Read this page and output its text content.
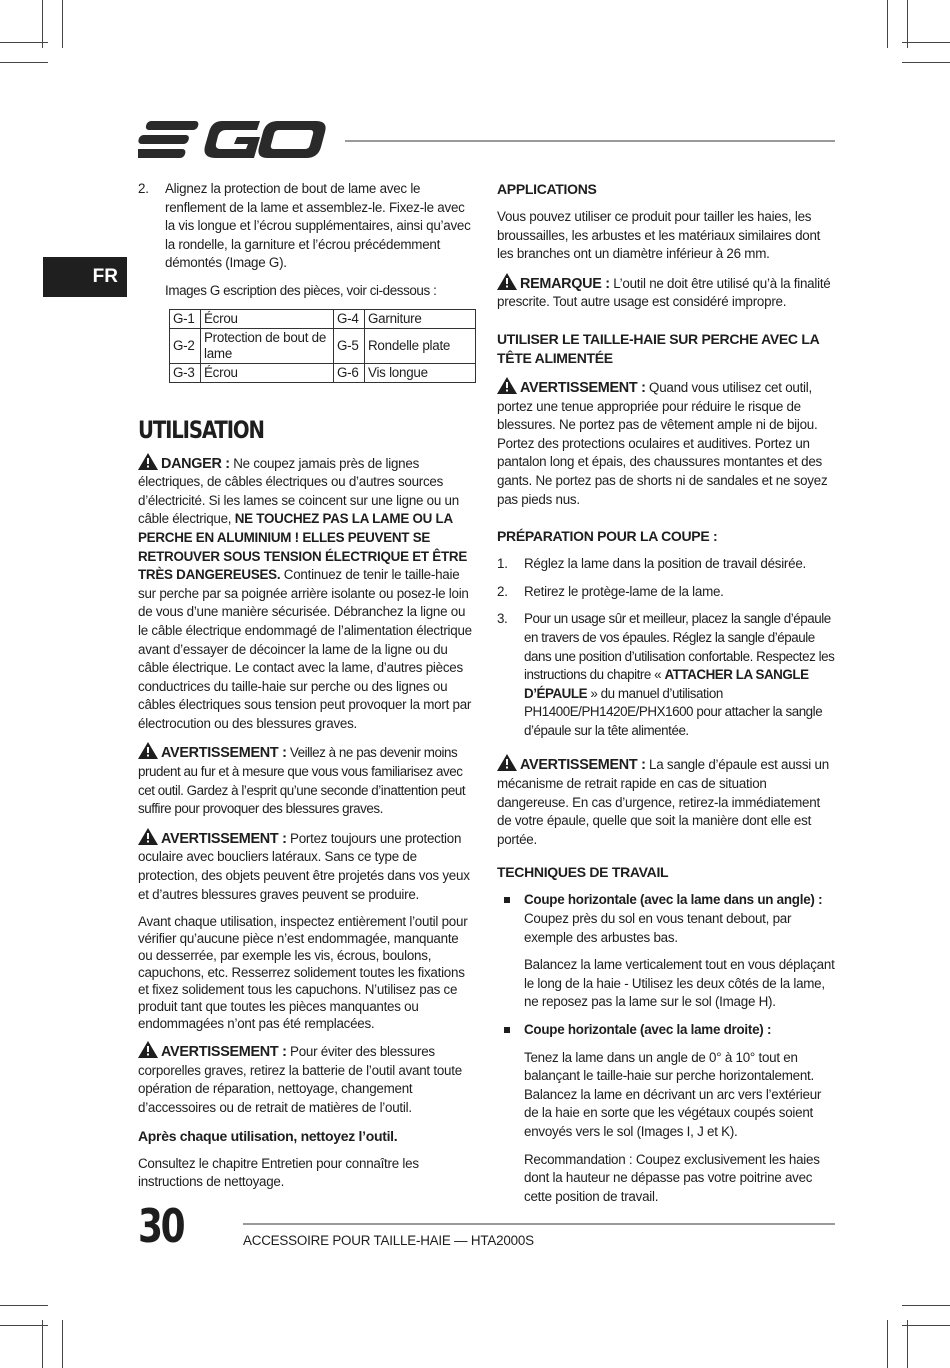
FR
2.	Alignez la protection de bout de lame avec le renflement de la lame et assemblez-le. Fixez-le avec la vis longue et l’écrou supplémentaires, ainsi qu’avec la rondelle, la garniture et l’écrou précédemment démontés (Image G).
Images G escription des pièces, voir ci-dessous :
G-1	Écrou	G-4	Garniture
G-2	Protection de bout de lame	G-5	Rondelle plate
G-3	Écrou	G-6	Vis longue
UTILISATION

DANGER : Ne coupez jamais près de lignes électriques, de câbles électriques ou d’autres sources d’électricité. Si les lames se coincent sur une ligne ou un câble électrique, NE TOUCHEZ PAS LA LAME OU LA PERCHE EN ALUMINIUM ! ELLES PEUVENT SE RETROUVER SOUS TENSION ÉLECTRIQUE ET ÊTRE TRÈS DANGEREUSES. Continuez de tenir le taille-haie sur perche par sa poignée arrière isolante ou posez-le loin de vous d’une manière sécurisée. Débranchez la ligne ou le câble électrique endommagé de l’alimentation électrique avant d’essayer de décoincer la lame de la ligne ou du câble électrique. Le contact avec la lame, d’autres pièces conductrices du taille-haie sur perche ou des lignes ou câbles électriques sous tension peut provoquer la mort par électrocution ou des blessures graves.

AVERTISSEMENT : Veillez à ne pas devenir moins prudent au fur et à mesure que vous vous familiarisez avec cet outil. Gardez à l’esprit qu’une seconde d’inattention peut suffire pour provoquer des blessures graves.

AVERTISSEMENT : Portez toujours une protection oculaire avec boucliers latéraux. Sans ce type de protection, des objets peuvent être projetés dans vos yeux et d’autres blessures graves peuvent se produire.

Avant chaque utilisation, inspectez entièrement l’outil pour vérifier qu’aucune pièce n’est endommagée, manquante ou desserrée, par exemple les vis, écrous, boulons, capuchons, etc. Resserrez solidement toutes les fixations et fixez solidement tous les capuchons. N’utilisez pas ce produit tant que toutes les pièces manquantes ou endommagées n’ont pas été remplacées.

AVERTISSEMENT : Pour éviter des blessures corporelles graves, retirez la batterie de l’outil avant toute opération de réparation, nettoyage, changement d’accessoires ou de retrait de matières de l’outil.

Après chaque utilisation, nettoyez l’outil.

Consultez le chapitre Entretien pour connaître les instructions de nettoyage.

APPLICATIONS

Vous pouvez utiliser ce produit pour tailler les haies, les broussailles, les arbustes et les matériaux similaires dont les branches ont un diamètre inférieur à 26 mm.

REMARQUE : L’outil ne doit être utilisé qu’à la finalité prescrite. Tout autre usage est considéré impropre.

UTILISER LE TAILLE-HAIE SUR PERCHE AVEC LA TÊTE ALIMENTÉE

AVERTISSEMENT : Quand vous utilisez cet outil, portez une tenue appropriée pour réduire le risque de blessures. Ne portez pas de vêtement ample ni de bijou. Portez des protections oculaires et auditives. Portez un pantalon long et épais, des chaussures montantes et des gants. Ne portez pas de shorts ni de sandales et ne soyez pas pieds nus.

PRÉPARATION POUR LA COUPE :
1.	Réglez la lame dans la position de travail désirée.
2.	Retirez le protège-lame de la lame.
3.	Pour un usage sûr et meilleur, placez la sangle d’épaule en travers de vos épaules. Réglez la sangle d’épaule dans une position d’utilisation confortable. Respectez les instructions du chapitre « ATTACHER LA SANGLE D’ÉPAULE » du manuel d’utilisation PH1400E/PH1420E/PHX1600 pour attacher la sangle d’épaule sur la tête alimentée.

AVERTISSEMENT : La sangle d’épaule est aussi un mécanisme de retrait rapide en cas de situation dangereuse. En cas d’urgence, retirez-la immédiatement de votre épaule, quelle que soit la manière dont elle est portée.

TECHNIQUES DE TRAVAIL
Coupe horizontale (avec la lame dans un angle) :
Coupez près du sol en vous tenant debout, par exemple des arbustes bas.

Balancez la lame verticalement tout en vous déplaçant le long de la haie - Utilisez les deux côtés de la lame, ne reposez pas la lame sur le sol (Image H).

Coupe horizontale (avec la lame droite) :

Tenez la lame dans un angle de 0° à 10° tout en balançant le taille-haie sur perche horizontalement. Balancez la lame en décrivant un arc vers l’extérieur de la haie en sorte que les végétaux coupés soient envoyés vers le sol (Images I, J et K).

Recommandation : Coupez exclusivement les haies dont la hauteur ne dépasse pas votre poitrine avec cette position de travail.

30	ACCESSOIRE POUR TAILLE-HAIE — HTA2000S
